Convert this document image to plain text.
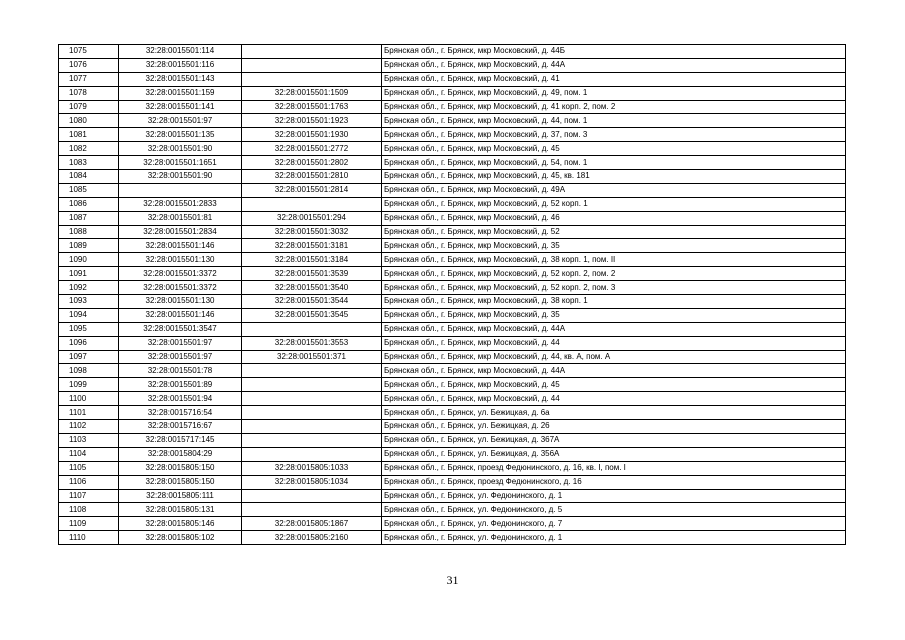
1075	32:28:0015501:114		Брянская обл., г. Брянск, мкр Московский, д. 44Б
1076	32:28:0015501:116		Брянская обл., г. Брянск, мкр Московский, д. 44А
1077	32:28:0015501:143		Брянская обл., г. Брянск, мкр Московский, д. 41
1078	32:28:0015501:159	32:28:0015501:1509	Брянская обл., г. Брянск, мкр Московский, д. 49, пом. 1
1079	32:28:0015501:141	32:28:0015501:1763	Брянская обл., г. Брянск, мкр Московский, д. 41 корп. 2, пом. 2
1080	32:28:0015501:97	32:28:0015501:1923	Брянская обл., г. Брянск, мкр Московский, д. 44, пом. 1
1081	32:28:0015501:135	32:28:0015501:1930	Брянская обл., г. Брянск, мкр Московский, д. 37, пом. 3
1082	32:28:0015501:90	32:28:0015501:2772	Брянская обл., г. Брянск, мкр Московский, д. 45
1083	32:28:0015501:1651	32:28:0015501:2802	Брянская обл., г. Брянск, мкр Московский, д. 54, пом. 1
1084	32:28:0015501:90	32:28:0015501:2810	Брянская обл., г. Брянск, мкр Московский, д. 45, кв. 181
1085		32:28:0015501:2814	Брянская обл., г. Брянск, мкр Московский, д. 49А
1086	32:28:0015501:2833		Брянская обл., г. Брянск, мкр Московский, д. 52 корп. 1
1087	32:28:0015501:81	32:28:0015501:294	Брянская обл., г. Брянск, мкр Московский, д. 46
1088	32:28:0015501:2834	32:28:0015501:3032	Брянская обл., г. Брянск, мкр Московский, д. 52
1089	32:28:0015501:146	32:28:0015501:3181	Брянская обл., г. Брянск, мкр Московский, д. 35
1090	32:28:0015501:130	32:28:0015501:3184	Брянская обл., г. Брянск, мкр Московский, д. 38 корп. 1, пом. II
1091	32:28:0015501:3372	32:28:0015501:3539	Брянская обл., г. Брянск, мкр Московский, д. 52 корп. 2, пом. 2
1092	32:28:0015501:3372	32:28:0015501:3540	Брянская обл., г. Брянск, мкр Московский, д. 52 корп. 2, пом. 3
1093	32:28:0015501:130	32:28:0015501:3544	Брянская обл., г. Брянск, мкр Московский, д. 38 корп. 1
1094	32:28:0015501:146	32:28:0015501:3545	Брянская обл., г. Брянск, мкр Московский, д. 35
1095	32:28:0015501:3547		Брянская обл., г. Брянск, мкр Московский, д. 44А
1096	32:28:0015501:97	32:28:0015501:3553	Брянская обл., г. Брянск, мкр Московский, д. 44
1097	32:28:0015501:97	32:28:0015501:371	Брянская обл., г. Брянск, мкр Московский, д. 44, кв. А, пом. А
1098	32:28:0015501:78		Брянская обл., г. Брянск, мкр Московский, д. 44А
1099	32:28:0015501:89		Брянская обл., г. Брянск, мкр Московский, д. 45
1100	32:28:0015501:94		Брянская обл., г. Брянск, мкр Московский, д. 44
1101	32:28:0015716:54		Брянская обл., г. Брянск, ул. Бежицкая, д. 6а
1102	32:28:0015716:67		Брянская обл., г. Брянск, ул. Бежицкая, д. 26
1103	32:28:0015717:145		Брянская обл., г. Брянск, ул. Бежицкая, д. 367А
1104	32:28:0015804:29		Брянская обл., г. Брянск, ул. Бежицкая, д. 356А
1105	32:28:0015805:150	32:28:0015805:1033	Брянская обл., г. Брянск, проезд Федюнинского, д. 16, кв. I, пом. I
1106	32:28:0015805:150	32:28:0015805:1034	Брянская обл., г. Брянск, проезд Федюнинского, д. 16
1107	32:28:0015805:111		Брянская обл., г. Брянск, ул. Федюнинского, д. 1
1108	32:28:0015805:131		Брянская обл., г. Брянск, ул. Федюнинского, д. 5
1109	32:28:0015805:146	32:28:0015805:1867	Брянская обл., г. Брянск, ул. Федюнинского, д. 7
1110	32:28:0015805:102	32:28:0015805:2160	Брянская обл., г. Брянск, ул. Федюнинского, д. 1
31
